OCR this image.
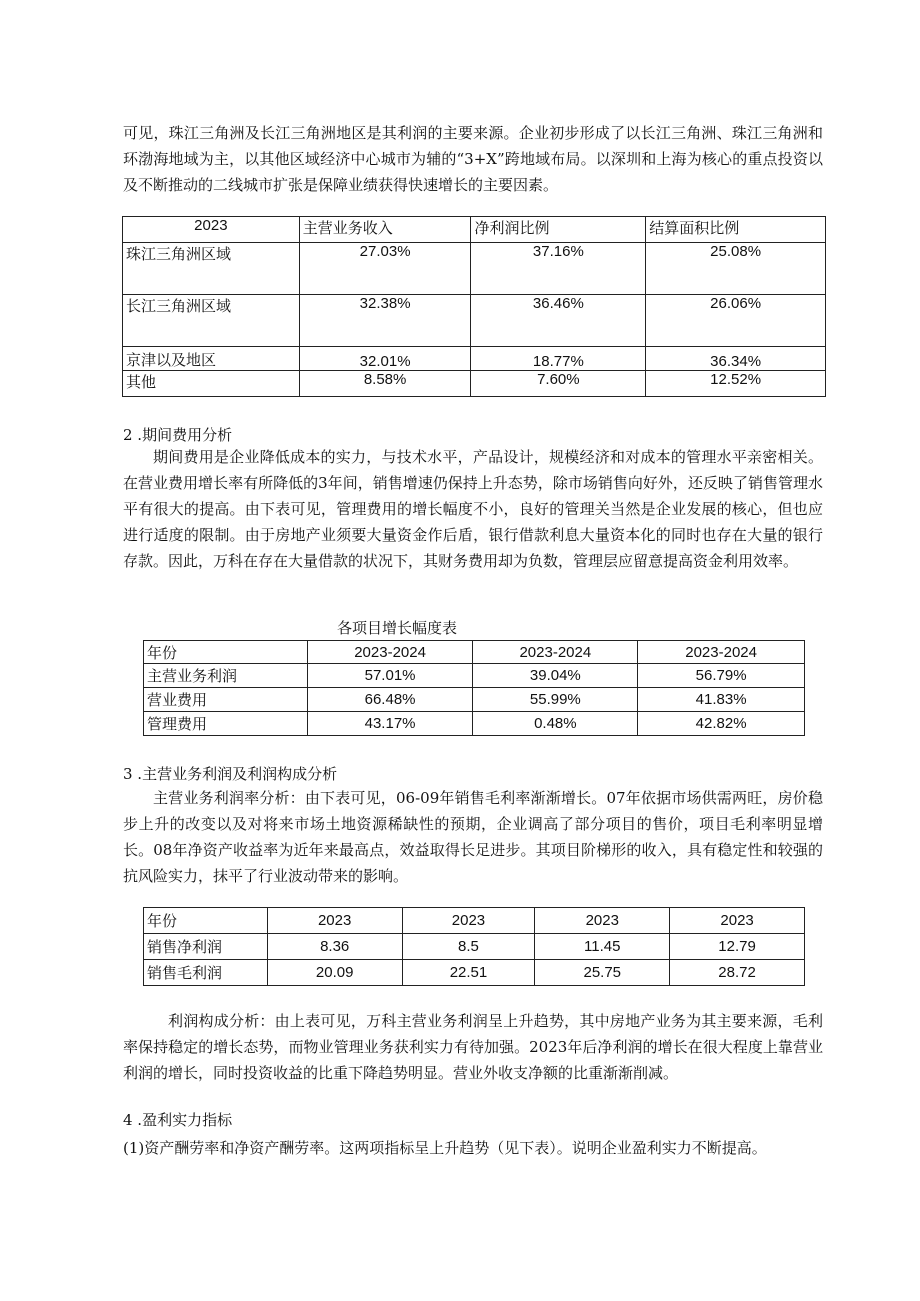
可见，珠江三角洲及长江三角洲地区是其利润的主要来源。企业初步形成了以长江三角洲、珠江三角洲和环渤海地域为主，以其他区域经济中心城市为辅的“3+X”跨地域布局。以深圳和上海为核心的重点投资以及不断推动的二线城市扩张是保障业绩获得快速增长的主要因素。

2023	主营业务收入	净利润比例	结算面积比例
珠江三角洲区域	27.03%	37.16%	25.08%
长江三角洲区域	32.38%	36.46%	26.06%
京津以及地区	32.01%	18.77%	36.34%
其他	8.58%	7.60%	12.52%

2 .期间费用分析

期间费用是企业降低成本的实力，与技术水平，产品设计，规模经济和对成本的管理水平亲密相关。在营业费用增长率有所降低的3年间，销售增速仍保持上升态势，除市场销售向好外，还反映了销售管理水平有很大的提高。由下表可见，管理费用的增长幅度不小，良好的管理关当然是企业发展的核心，但也应进行适度的限制。由于房地产业须要大量资金作后盾，银行借款利息大量资本化的同时也存在大量的银行存款。因此，万科在存在大量借款的状况下，其财务费用却为负数，管理层应留意提高资金利用效率。

各项目增长幅度表

年份	2023-2024	2023-2024	2023-2024
主营业务利润	57.01%	39.04%	56.79%
营业费用	66.48%	55.99%	41.83%
管理费用	43.17%	0.48%	42.82%

3 .主营业务利润及利润构成分析

主营业务利润率分析：由下表可见，06-09年销售毛利率渐渐增长。07年依据市场供需两旺，房价稳步上升的改变以及对将来市场土地资源稀缺性的预期，企业调高了部分项目的售价，项目毛利率明显增长。08年净资产收益率为近年来最高点，效益取得长足进步。其项目阶梯形的收入，具有稳定性和较强的抗风险实力，抹平了行业波动带来的影响。

年份	2023	2023	2023	2023
销售净利润	8.36	8.5	11.45	12.79
销售毛利润	20.09	22.51	25.75	28.72

利润构成分析：由上表可见，万科主营业务利润呈上升趋势，其中房地产业务为其主要来源，毛利率保持稳定的增长态势，而物业管理业务获利实力有待加强。2023年后净利润的增长在很大程度上靠营业利润的增长，同时投资收益的比重下降趋势明显。营业外收支净额的比重渐渐削减。

4 .盈利实力指标

(1)资产酬劳率和净资产酬劳率。这两项指标呈上升趋势（见下表）。说明企业盈利实力不断提高。
